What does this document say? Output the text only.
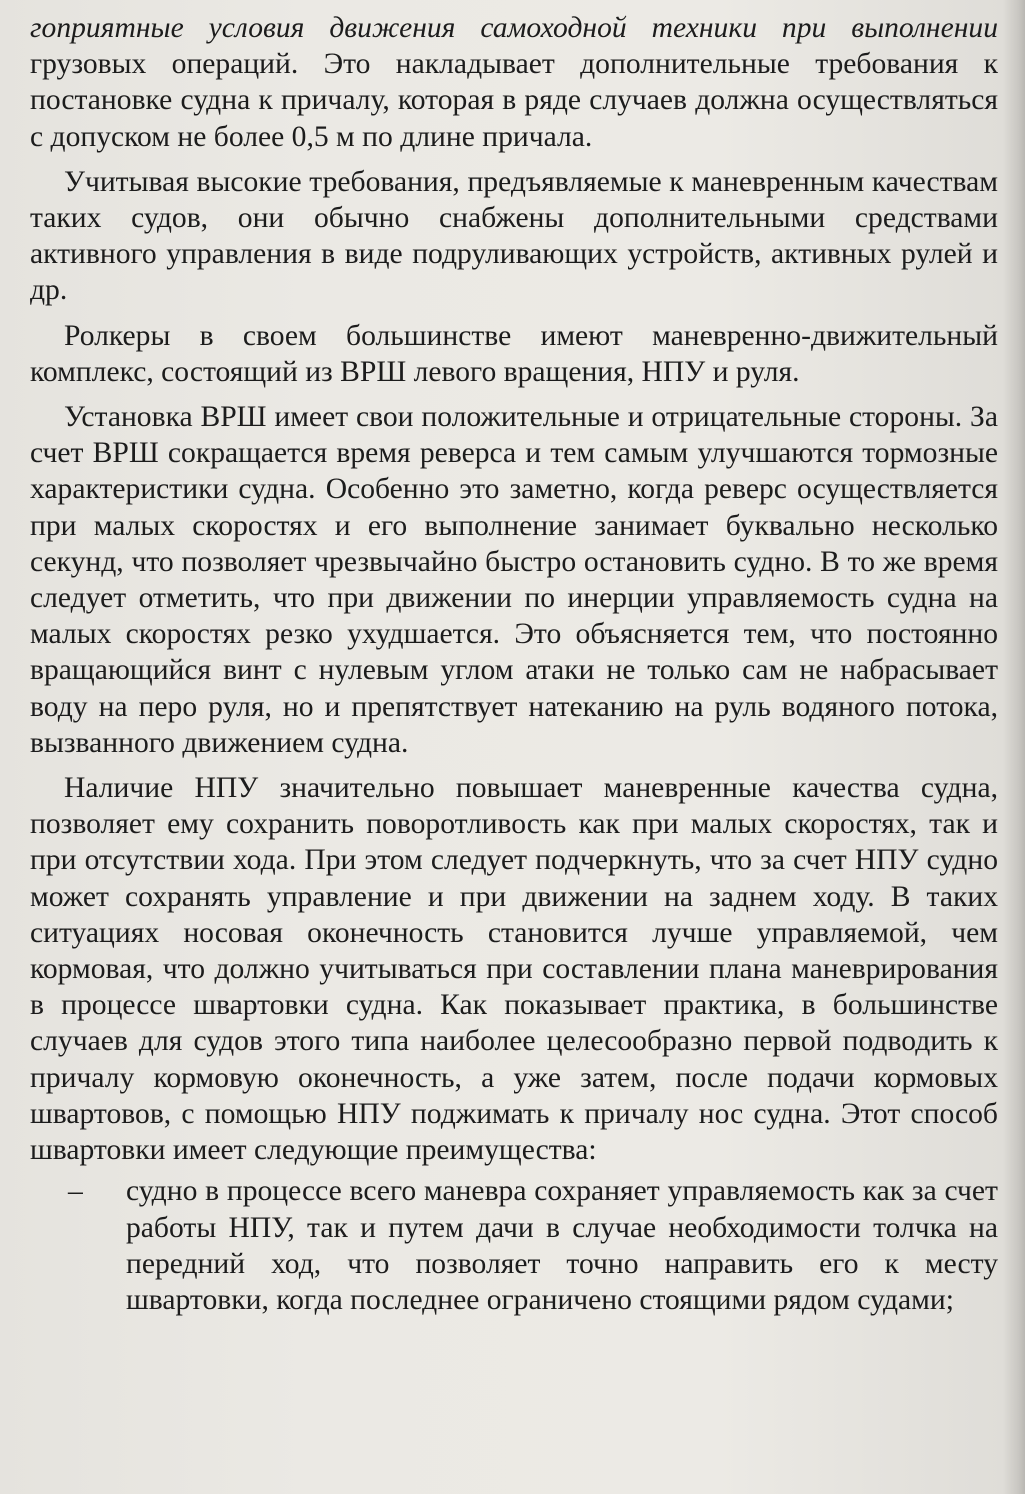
гоприятные условия движения самоходной техники при выполнении грузовых операций. Это накладывает дополнительные требования к постановке судна к причалу, которая в ряде случаев должна осуществляться с допуском не более 0,5 м по длине причала.

Учитывая высокие требования, предъявляемые к маневренным качествам таких судов, они обычно снабжены дополнительными средствами активного управления в виде подруливающих устройств, активных рулей и др.

Ролкеры в своем большинстве имеют маневренно-движительный комплекс, состоящий из ВРШ левого вращения, НПУ и руля.

Установка ВРШ имеет свои положительные и отрицательные стороны. За счет ВРШ сокращается время реверса и тем самым улучшаются тормозные характеристики судна. Особенно это заметно, когда реверс осуществляется при малых скоростях и его выполнение занимает буквально несколько секунд, что позволяет чрезвычайно быстро остановить судно. В то же время следует отметить, что при движении по инерции управляемость судна на малых скоростях резко ухудшается. Это объясняется тем, что постоянно вращающийся винт с нулевым углом атаки не только сам не набрасывает воду на перо руля, но и препятствует натеканию на руль водяного потока, вызванного движением судна.

Наличие НПУ значительно повышает маневренные качества судна, позволяет ему сохранить поворотливость как при малых скоростях, так и при отсутствии хода. При этом следует подчеркнуть, что за счет НПУ судно может сохранять управление и при движении на заднем ходу. В таких ситуациях носовая оконечность становится лучше управляемой, чем кормовая, что должно учитываться при составлении плана маневрирования в процессе швартовки судна. Как показывает практика, в большинстве случаев для судов этого типа наиболее целесообразно первой подводить к причалу кормовую оконечность, а уже затем, после подачи кормовых швартовов, с помощью НПУ поджимать к причалу нос судна. Этот способ швартовки имеет следующие преимущества:

– судно в процессе всего маневра сохраняет управляемость как за счет работы НПУ, так и путем дачи в случае необходимости толчка на передний ход, что позволяет точно направить его к месту швартовки, когда последнее ограничено стоящими рядом судами;
